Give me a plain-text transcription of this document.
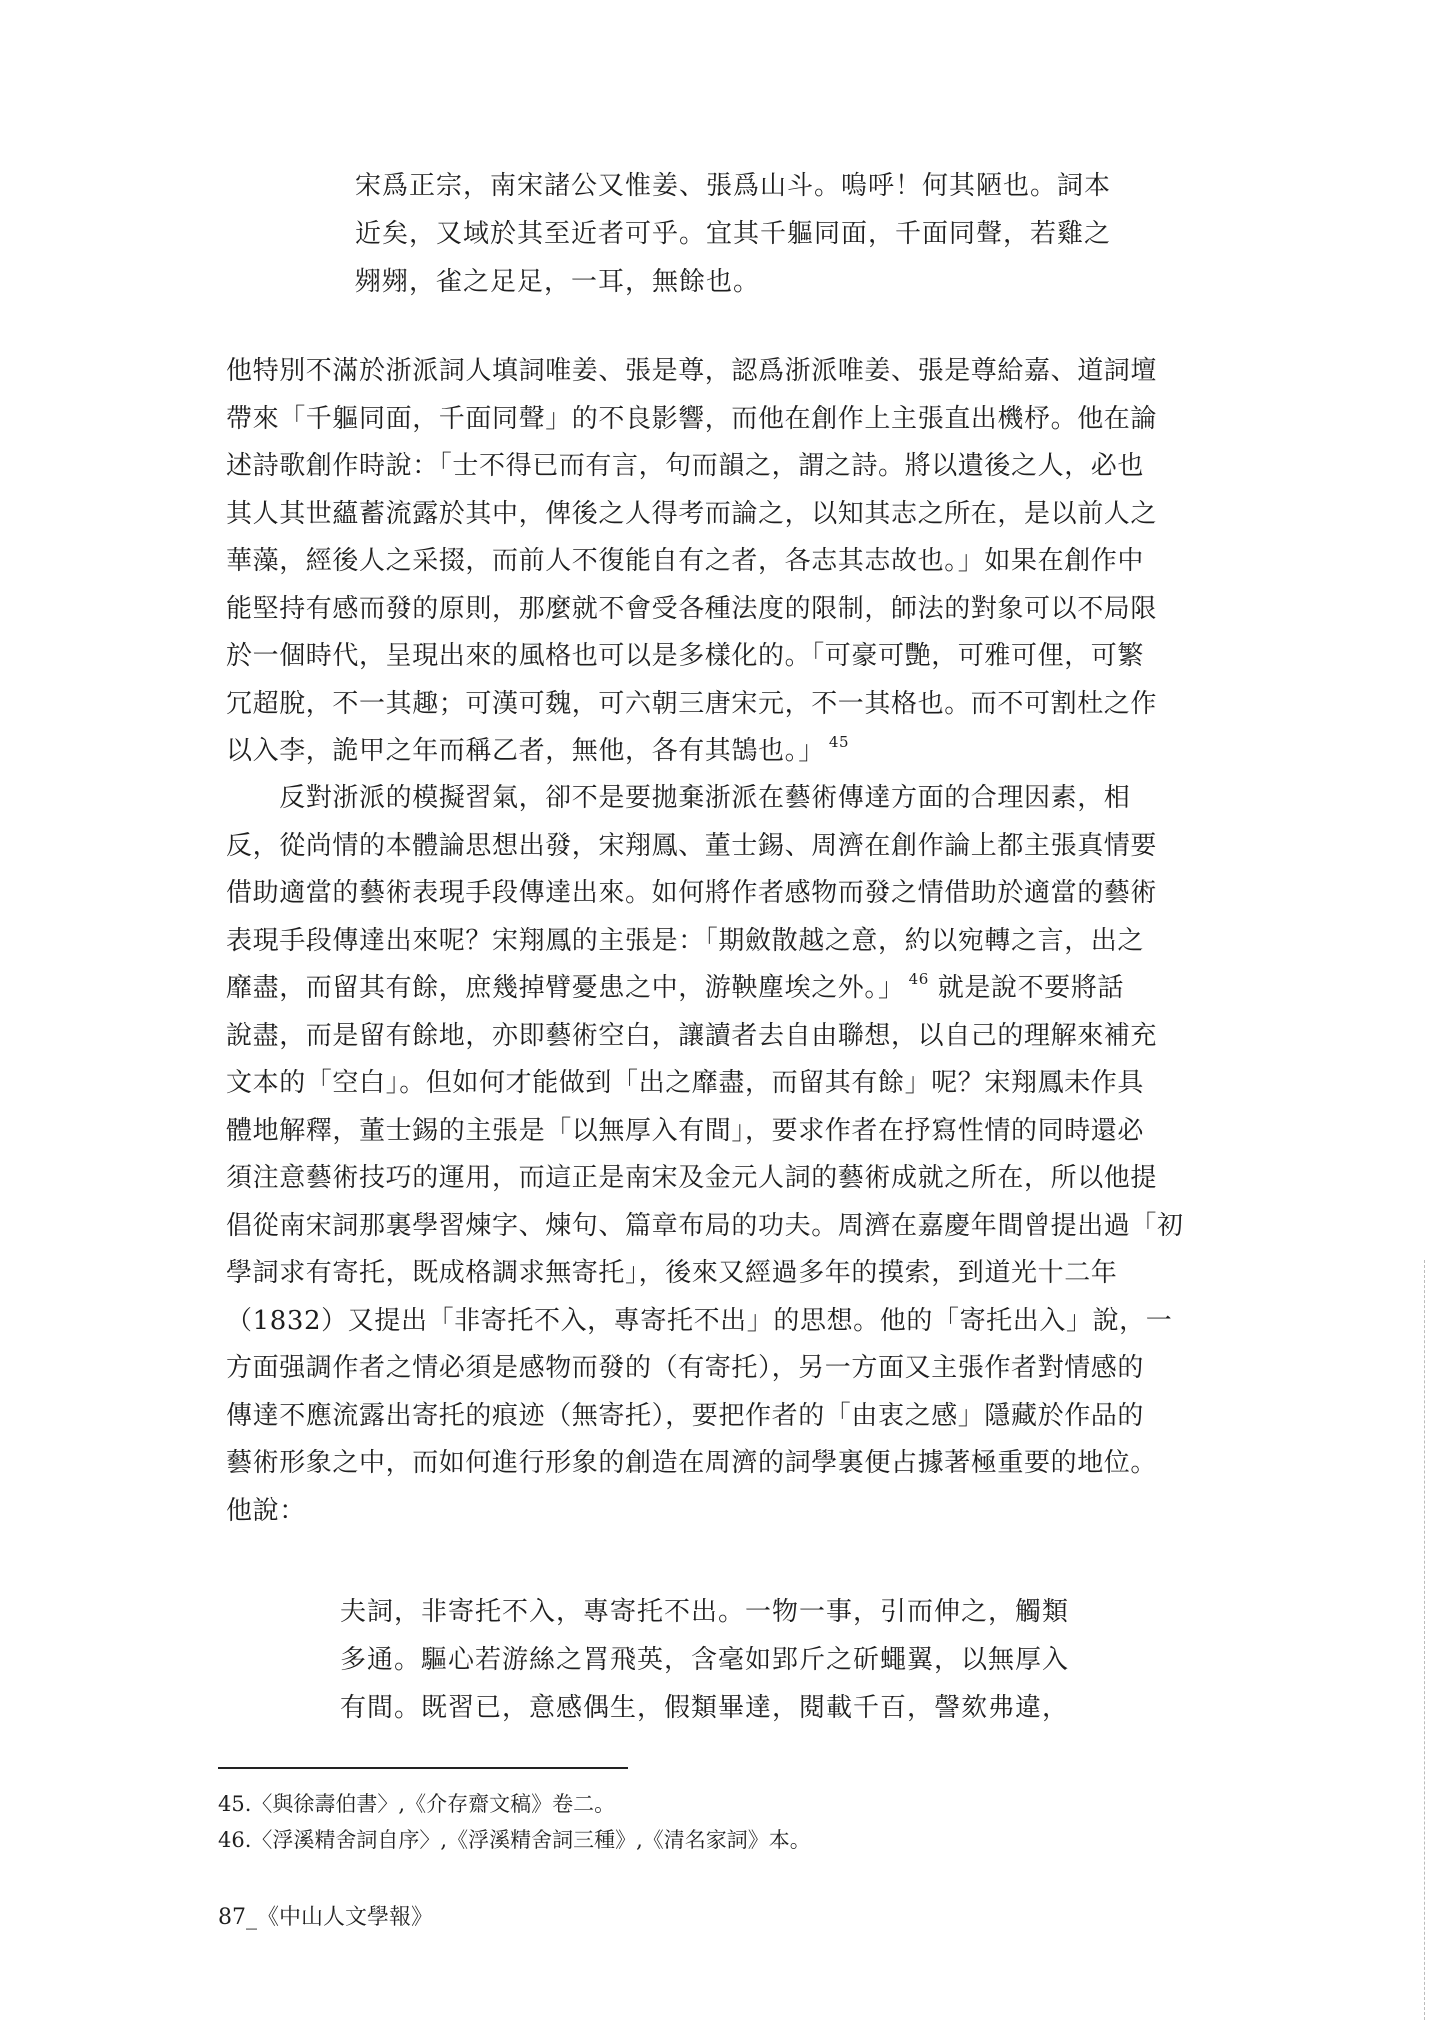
宋爲正宗，南宋諸公又惟姜、張爲山斗。嗚呼！何其陋也。詞本

近矣，又域於其至近者可乎。宜其千軀同面，千面同聲，若雞之

翙翙，雀之足足，一耳，無餘也。

他特別不滿於浙派詞人填詞唯姜、張是尊，認爲浙派唯姜、張是尊給嘉、道詞壇

帶來「千軀同面，千面同聲」的不良影響，而他在創作上主張直出機杼。他在論

述詩歌創作時說：「士不得已而有言，句而韻之，謂之詩。將以遺後之人，必也

其人其世蘊蓄流露於其中，俾後之人得考而論之，以知其志之所在，是以前人之

華藻，經後人之采掇，而前人不復能自有之者，各志其志故也。」如果在創作中

能堅持有感而發的原則，那麼就不會受各種法度的限制，師法的對象可以不局限

於一個時代，呈現出來的風格也可以是多樣化的。「可豪可艷，可雅可俚，可繁

冗超脫，不一其趣；可漢可魏，可六朝三唐宋元，不一其格也。而不可割杜之作

以入李，詭甲之年而稱乙者，無他，各有其鵠也。」 $^{45}$

　　反對浙派的模擬習氣，卻不是要拋棄浙派在藝術傳達方面的合理因素，相

反，從尚情的本體論思想出發，宋翔鳳、董士錫、周濟在創作論上都主張真情要

借助適當的藝術表現手段傳達出來。如何將作者感物而發之情借助於適當的藝術

表現手段傳達出來呢？宋翔鳳的主張是：「期斂散越之意，約以宛轉之言，出之

靡盡，而留其有餘，庶幾掉臂憂患之中，游鞅塵埃之外。」 $^{46}$ 就是說不要將話

說盡，而是留有餘地，亦即藝術空白，讓讀者去自由聯想，以自己的理解來補充

文本的「空白」。但如何才能做到「出之靡盡，而留其有餘」呢？宋翔鳳未作具

體地解釋，董士錫的主張是「以無厚入有間」，要求作者在抒寫性情的同時還必

須注意藝術技巧的運用，而這正是南宋及金元人詞的藝術成就之所在，所以他提

倡從南宋詞那裏學習煉字、煉句、篇章布局的功夫。周濟在嘉慶年間曾提出過「初

學詞求有寄托，既成格調求無寄托」，後來又經過多年的摸索，到道光十二年

（1832）又提出「非寄托不入，專寄托不出」的思想。他的「寄托出入」說，一

方面强調作者之情必須是感物而發的（有寄托），另一方面又主張作者對情感的

傳達不應流露出寄托的痕迹（無寄托），要把作者的「由衷之感」隱藏於作品的

藝術形象之中，而如何進行形象的創造在周濟的詞學裏便占據著極重要的地位。

他說：

夫詞，非寄托不入，專寄托不出。一物一事，引而伸之，觸類

多通。驅心若游絲之罥飛英，含毫如郢斤之斫蠅翼，以無厚入

有間。既習已，意感偶生，假類畢達，閱載千百，謦欬弗違，

45.〈與徐壽伯書〉,《介存齋文稿》卷二。

46.〈浮溪精舍詞自序〉,《浮溪精舍詞三種》,《清名家詞》本。

87_《中山人文學報》
